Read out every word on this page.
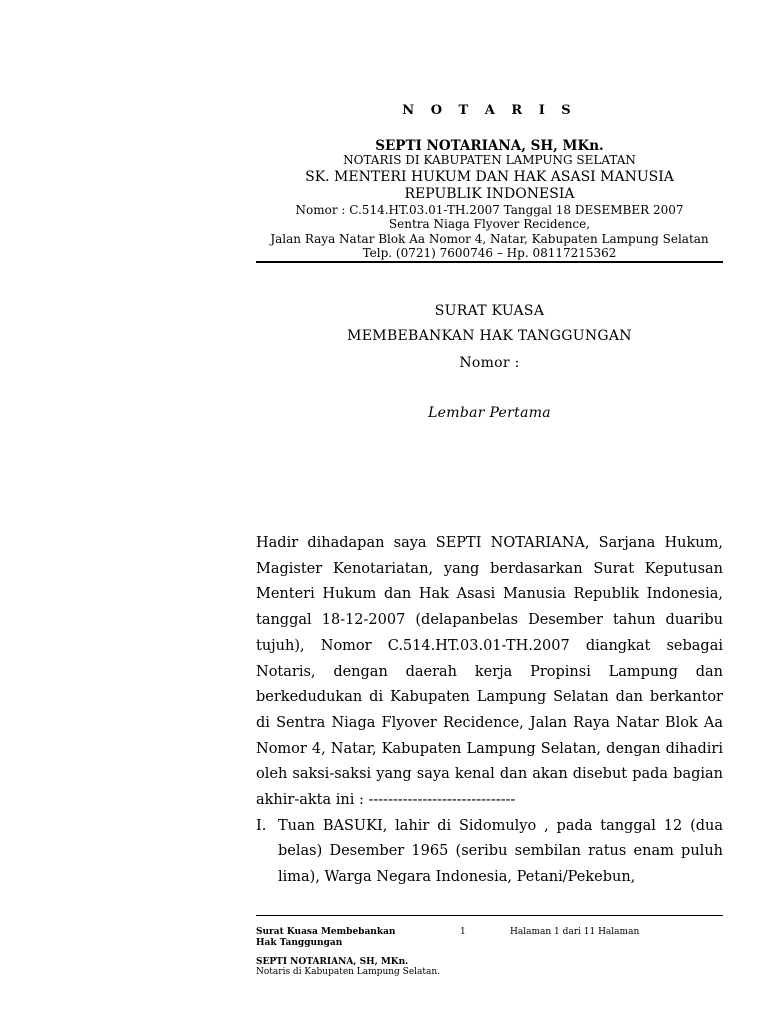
N O T A R I S
SEPTI NOTARIANA, SH, MKn.
NOTARIS DI KABUPATEN LAMPUNG SELATAN
SK. MENTERI HUKUM DAN HAK ASASI MANUSIA
REPUBLIK INDONESIA
Nomor : C.514.HT.03.01-TH.2007 Tanggal 18 DESEMBER 2007
Sentra Niaga Flyover Recidence,
Jalan Raya Natar Blok Aa Nomor 4, Natar, Kabupaten Lampung Selatan
Telp. (0721) 7600746 – Hp. 08117215362
SURAT KUASA
MEMBEBANKAN HAK TANGGUNGAN
Nomor :
Lembar Pertama

Hadir dihadapan saya SEPTI NOTARIANA, Sarjana Hukum, Magister Kenotariatan, yang berdasarkan Surat Keputusan Menteri Hukum dan Hak Asasi Manusia Republik Indonesia, tanggal 18-12-2007 (delapanbelas Desember tahun duaribu tujuh), Nomor C.514.HT.03.01-TH.2007 diangkat sebagai Notaris, dengan daerah kerja Propinsi Lampung dan berkedudukan di Kabupaten Lampung Selatan dan berkantor di Sentra Niaga Flyover Recidence, Jalan Raya Natar Blok Aa Nomor 4, Natar, Kabupaten Lampung Selatan, dengan dihadiri oleh saksi-saksi yang saya kenal dan akan disebut pada bagian akhir-akta ini : ------------------------------

I. Tuan BASUKI, lahir di Sidomulyo , pada tanggal 12 (dua belas) Desember 1965 (seribu sembilan ratus enam puluh lima), Warga Negara Indonesia, Petani/Pekebun,
Surat Kuasa Membebankan Hak Tanggungan
1	Halaman 1 dari 11 Halaman
SEPTI NOTARIANA, SH, MKn.
Notaris di Kabupaten Lampung Selatan.
